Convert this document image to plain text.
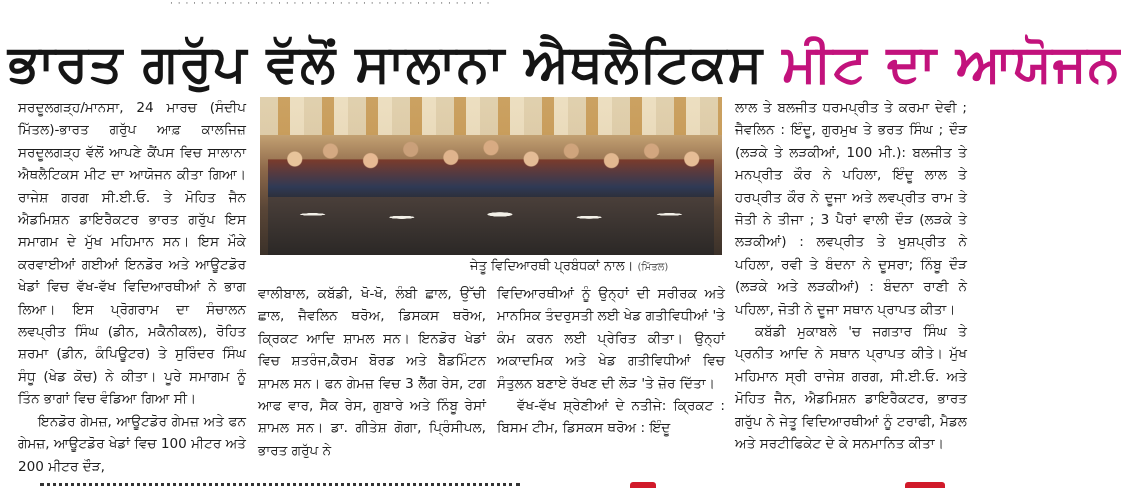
· · · · · · · · · · · · · · · · · · · · · · · · · · · · · · · · · · · · · · · · · ·
ਭਾਰਤ ਗਰੁੱਪ ਵੱਲੋਂ ਸਾਲਾਨਾ ਐਥਲੈਟਿਕਸ ਮੀਟ ਦਾ ਆਯੋਜਨ

ਸਰਦੂਲਗੜ੍ਹ/ਮਾਨਸਾ, 24 ਮਾਰਚ (ਸੰਦੀਪ ਮਿੱਤਲ)-ਭਾਰਤ ਗਰੁੱਪ ਆਫ਼ ਕਾਲਜਿਜ਼ ਸਰਦੂਲਗੜ੍ਹ ਵੱਲੋਂ ਆਪਣੇ ਕੈਂਪਸ ਵਿਚ ਸਾਲਾਨਾ ਐਥਲੈਟਿਕਸ ਮੀਟ ਦਾ ਆਯੋਜਨ ਕੀਤਾ ਗਿਆ। ਰਾਜੇਸ਼ ਗਰਗ ਸੀ.ਈ.ਓ. ਤੇ ਮੋਹਿਤ ਜੈਨ ਐਡਮਿਸ਼ਨ ਡਾਇਰੈਕਟਰ ਭਾਰਤ ਗਰੁੱਪ ਇਸ ਸਮਾਗਮ ਦੇ ਮੁੱਖ ਮਹਿਮਾਨ ਸਨ। ਇਸ ਮੌਕੇ ਕਰਵਾਈਆਂ ਗਈਆਂ ਇਨਡੋਰ ਅਤੇ ਆਊਟਡੋਰ ਖੇਡਾਂ ਵਿਚ ਵੱਖ-ਵੱਖ ਵਿਦਿਆਰਥੀਆਂ ਨੇ ਭਾਗ ਲਿਆ। ਇਸ ਪ੍ਰੋਗਰਾਮ ਦਾ ਸੰਚਾਲਨ ਲਵਪ੍ਰੀਤ ਸਿੰਘ (ਡੀਨ, ਮਕੈਨੀਕਲ), ਰੋਹਿਤ ਸ਼ਰਮਾ (ਡੀਨ, ਕੰਪਿਊਟਰ) ਤੇ ਸੁਰਿੰਦਰ ਸਿੰਘ ਸੰਧੂ (ਖੇਡ ਕੋਚ) ਨੇ ਕੀਤਾ। ਪੂਰੇ ਸਮਾਗਮ ਨੂੰ ਤਿੰਨ ਭਾਗਾਂ ਵਿਚ ਵੰਡਿਆ ਗਿਆ ਸੀ।

ਇਨਡੋਰ ਗੇਮਜ਼, ਆਊਟਡੋਰ ਗੇਮਜ਼ ਅਤੇ ਫਨ ਗੇਮਜ਼, ਆਊਟਡੋਰ ਖੇਡਾਂ ਵਿਚ 100 ਮੀਟਰ ਅਤੇ 200 ਮੀਟਰ ਦੌੜ,

ਜੇਤੂ ਵਿਦਿਆਰਥੀ ਪ੍ਰਬੰਧਕਾਂ ਨਾਲ। (ਮਿੱਤਲ)

ਵਾਲੀਬਾਲ, ਕਬੱਡੀ, ਖੋ-ਖੋ, ਲੰਬੀ ਛਾਲ, ਉੱਚੀ ਛਾਲ, ਜੈਵਲਿਨ ਥਰੋਅ, ਡਿਸਕਸ ਥਰੋਅ, ਕ੍ਰਿਕਟ ਆਦਿ ਸ਼ਾਮਲ ਸਨ। ਇਨਡੋਰ ਖੇਡਾਂ ਵਿਚ ਸ਼ਤਰੰਜ,ਕੈਰਮ ਬੋਰਡ ਅਤੇ ਬੈਡਮਿੰਟਨ ਸ਼ਾਮਲ ਸਨ। ਫਨ ਗੇਮਜ਼ ਵਿਚ 3 ਲੈੱਗ ਰੇਸ, ਟਗ ਆਫ ਵਾਰ, ਸੈਕ ਰੇਸ, ਗੁਬਾਰੇ ਅਤੇ ਨਿੰਬੂ ਰੇਸਾਂ ਸ਼ਾਮਲ ਸਨ। ਡਾ. ਗੀਤੇਸ਼ ਗੋਗਾ, ਪ੍ਰਿੰਸੀਪਲ, ਭਾਰਤ ਗਰੁੱਪ ਨੇ

ਵਿਦਿਆਰਥੀਆਂ ਨੂੰ ਉਨ੍ਹਾਂ ਦੀ ਸਰੀਰਕ ਅਤੇ ਮਾਨਸਿਕ ਤੰਦਰੁਸਤੀ ਲਈ ਖੇਡ ਗਤੀਵਿਧੀਆਂ 'ਤੇ ਕੰਮ ਕਰਨ ਲਈ ਪ੍ਰੇਰਿਤ ਕੀਤਾ। ਉਨ੍ਹਾਂ ਅਕਾਦਮਿਕ ਅਤੇ ਖੇਡ ਗਤੀਵਿਧੀਆਂ ਵਿਚ ਸੰਤੁਲਨ ਬਣਾਏ ਰੱਖਣ ਦੀ ਲੋੜ 'ਤੇ ਜ਼ੋਰ ਦਿੱਤਾ।

ਵੱਖ-ਵੱਖ ਸ਼੍ਰੇਣੀਆਂ ਦੇ ਨਤੀਜੇ: ਕ੍ਰਿਕਟ : ਬਿਸਮ ਟੀਮ, ਡਿਸਕਸ ਥਰੋਅ : ਇੰਦੂ

ਲਾਲ ਤੇ ਬਲਜੀਤ ਧਰਮਪ੍ਰੀਤ ਤੇ ਕਰਮਾ ਦੇਵੀ ; ਜੈਵਲਿਨ : ਇੰਦੂ, ਗੁਰਮੁਖ ਤੇ ਭਰਤ ਸਿੰਘ ; ਦੌੜ (ਲੜਕੇ ਤੇ ਲੜਕੀਆਂ, 100 ਮੀ.): ਬਲਜੀਤ ਤੇ ਮਨਪ੍ਰੀਤ ਕੌਰ ਨੇ ਪਹਿਲਾ, ਇੰਦੂ ਲਾਲ ਤੇ ਹਰਪ੍ਰੀਤ ਕੌਰ ਨੇ ਦੂਜਾ ਅਤੇ ਲਵਪ੍ਰੀਤ ਰਾਮ ਤੇ ਜੋਤੀ ਨੇ ਤੀਜਾ ; 3 ਪੈਰਾਂ ਵਾਲੀ ਦੌੜ (ਲੜਕੇ ਤੇ ਲੜਕੀਆਂ) : ਲਵਪ੍ਰੀਤ ਤੇ ਖੁਸ਼ਪ੍ਰੀਤ ਨੇ ਪਹਿਲਾ, ਰਵੀ ਤੇ ਬੰਦਨਾ ਨੇ ਦੂਸਰਾ; ਨਿੰਬੂ ਦੌੜ (ਲੜਕੇ ਅਤੇ ਲੜਕੀਆਂ) : ਬੰਦਨਾ ਰਾਣੀ ਨੇ ਪਹਿਲਾ, ਜੋਤੀ ਨੇ ਦੂਜਾ ਸਥਾਨ ਪ੍ਰਾਪਤ ਕੀਤਾ।

ਕਬੱਡੀ ਮੁਕਾਬਲੇ 'ਚ ਜਗਤਾਰ ਸਿੰਘ ਤੇ ਪ੍ਰਨੀਤ ਆਦਿ ਨੇ ਸਥਾਨ ਪ੍ਰਾਪਤ ਕੀਤੇ। ਮੁੱਖ ਮਹਿਮਾਨ ਸ੍ਰੀ ਰਾਜੇਸ਼ ਗਰਗ, ਸੀ.ਈ.ਓ. ਅਤੇ ਮੋਹਿਤ ਜੈਨ, ਐਡਮਿਸ਼ਨ ਡਾਇਰੈਕਟਰ, ਭਾਰਤ ਗਰੁੱਪ ਨੇ ਜੇਤੂ ਵਿਦਿਆਰਥੀਆਂ ਨੂੰ ਟਰਾਫੀ, ਮੈਡਲ ਅਤੇ ਸਰਟੀਫਿਕੇਟ ਦੇ ਕੇ ਸਨਮਾਨਿਤ ਕੀਤਾ।
